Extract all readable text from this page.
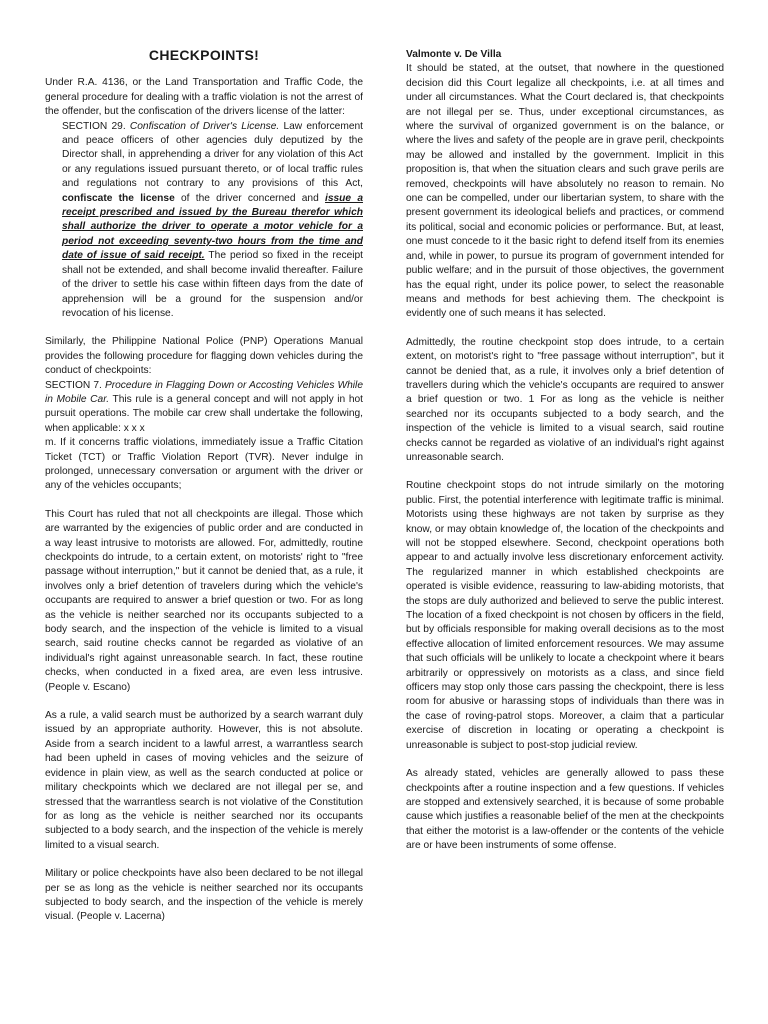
CHECKPOINTS!

Under R.A. 4136, or the Land Transportation and Traffic Code, the general procedure for dealing with a traffic violation is not the arrest of the offender, but the confiscation of the drivers license of the latter:

SECTION 29. Confiscation of Driver's License. Law enforcement and peace officers of other agencies duly deputized by the Director shall, in apprehending a driver for any violation of this Act or any regulations issued pursuant thereto, or of local traffic rules and regulations not contrary to any provisions of this Act, confiscate the license of the driver concerned and issue a receipt prescribed and issued by the Bureau therefor which shall authorize the driver to operate a motor vehicle for a period not exceeding seventy-two hours from the time and date of issue of said receipt. The period so fixed in the receipt shall not be extended, and shall become invalid thereafter. Failure of the driver to settle his case within fifteen days from the date of apprehension will be a ground for the suspension and/or revocation of his license.

Similarly, the Philippine National Police (PNP) Operations Manual provides the following procedure for flagging down vehicles during the conduct of checkpoints:

SECTION 7. Procedure in Flagging Down or Accosting Vehicles While in Mobile Car. This rule is a general concept and will not apply in hot pursuit operations. The mobile car crew shall undertake the following, when applicable: x x x

m. If it concerns traffic violations, immediately issue a Traffic Citation Ticket (TCT) or Traffic Violation Report (TVR). Never indulge in prolonged, unnecessary conversation or argument with the driver or any of the vehicles occupants;

This Court has ruled that not all checkpoints are illegal. Those which are warranted by the exigencies of public order and are conducted in a way least intrusive to motorists are allowed. For, admittedly, routine checkpoints do intrude, to a certain extent, on motorists' right to "free passage without interruption," but it cannot be denied that, as a rule, it involves only a brief detention of travelers during which the vehicle's occupants are required to answer a brief question or two. For as long as the vehicle is neither searched nor its occupants subjected to a body search, and the inspection of the vehicle is limited to a visual search, said routine checks cannot be regarded as violative of an individual's right against unreasonable search. In fact, these routine checks, when conducted in a fixed area, are even less intrusive. (People v. Escano)

As a rule, a valid search must be authorized by a search warrant duly issued by an appropriate authority. However, this is not absolute. Aside from a search incident to a lawful arrest, a warrantless search had been upheld in cases of moving vehicles and the seizure of evidence in plain view, as well as the search conducted at police or military checkpoints which we declared are not illegal per se, and stressed that the warrantless search is not violative of the Constitution for as long as the vehicle is neither searched nor its occupants subjected to a body search, and the inspection of the vehicle is merely limited to a visual search.

Military or police checkpoints have also been declared to be not illegal per se as long as the vehicle is neither searched nor its occupants subjected to body search, and the inspection of the vehicle is merely visual. (People v. Lacerna)

Valmonte v. De Villa

It should be stated, at the outset, that nowhere in the questioned decision did this Court legalize all checkpoints, i.e. at all times and under all circumstances. What the Court declared is, that checkpoints are not illegal per se. Thus, under exceptional circumstances, as where the survival of organized government is on the balance, or where the lives and safety of the people are in grave peril, checkpoints may be allowed and installed by the government. Implicit in this proposition is, that when the situation clears and such grave perils are removed, checkpoints will have absolutely no reason to remain. No one can be compelled, under our libertarian system, to share with the present government its ideological beliefs and practices, or commend its political, social and economic policies or performance. But, at least, one must concede to it the basic right to defend itself from its enemies and, while in power, to pursue its program of government intended for public welfare; and in the pursuit of those objectives, the government has the equal right, under its police power, to select the reasonable means and methods for best achieving them. The checkpoint is evidently one of such means it has selected.

Admittedly, the routine checkpoint stop does intrude, to a certain extent, on motorist's right to "free passage without interruption", but it cannot be denied that, as a rule, it involves only a brief detention of travellers during which the vehicle's occupants are required to answer a brief question or two. 1 For as long as the vehicle is neither searched nor its occupants subjected to a body search, and the inspection of the vehicle is limited to a visual search, said routine checks cannot be regarded as violative of an individual's right against unreasonable search.

Routine checkpoint stops do not intrude similarly on the motoring public. First, the potential interference with legitimate traffic is minimal. Motorists using these highways are not taken by surprise as they know, or may obtain knowledge of, the location of the checkpoints and will not be stopped elsewhere. Second, checkpoint operations both appear to and actually involve less discretionary enforcement activity. The regularized manner in which established checkpoints are operated is visible evidence, reassuring to law-abiding motorists, that the stops are duly authorized and believed to serve the public interest. The location of a fixed checkpoint is not chosen by officers in the field, but by officials responsible for making overall decisions as to the most effective allocation of limited enforcement resources. We may assume that such officials will be unlikely to locate a checkpoint where it bears arbitrarily or oppressively on motorists as a class, and since field officers may stop only those cars passing the checkpoint, there is less room for abusive or harassing stops of individuals than there was in the case of roving-patrol stops. Moreover, a claim that a particular exercise of discretion in locating or operating a checkpoint is unreasonable is subject to post-stop judicial review.

As already stated, vehicles are generally allowed to pass these checkpoints after a routine inspection and a few questions. If vehicles are stopped and extensively searched, it is because of some probable cause which justifies a reasonable belief of the men at the checkpoints that either the motorist is a law-offender or the contents of the vehicle are or have been instruments of some offense.
